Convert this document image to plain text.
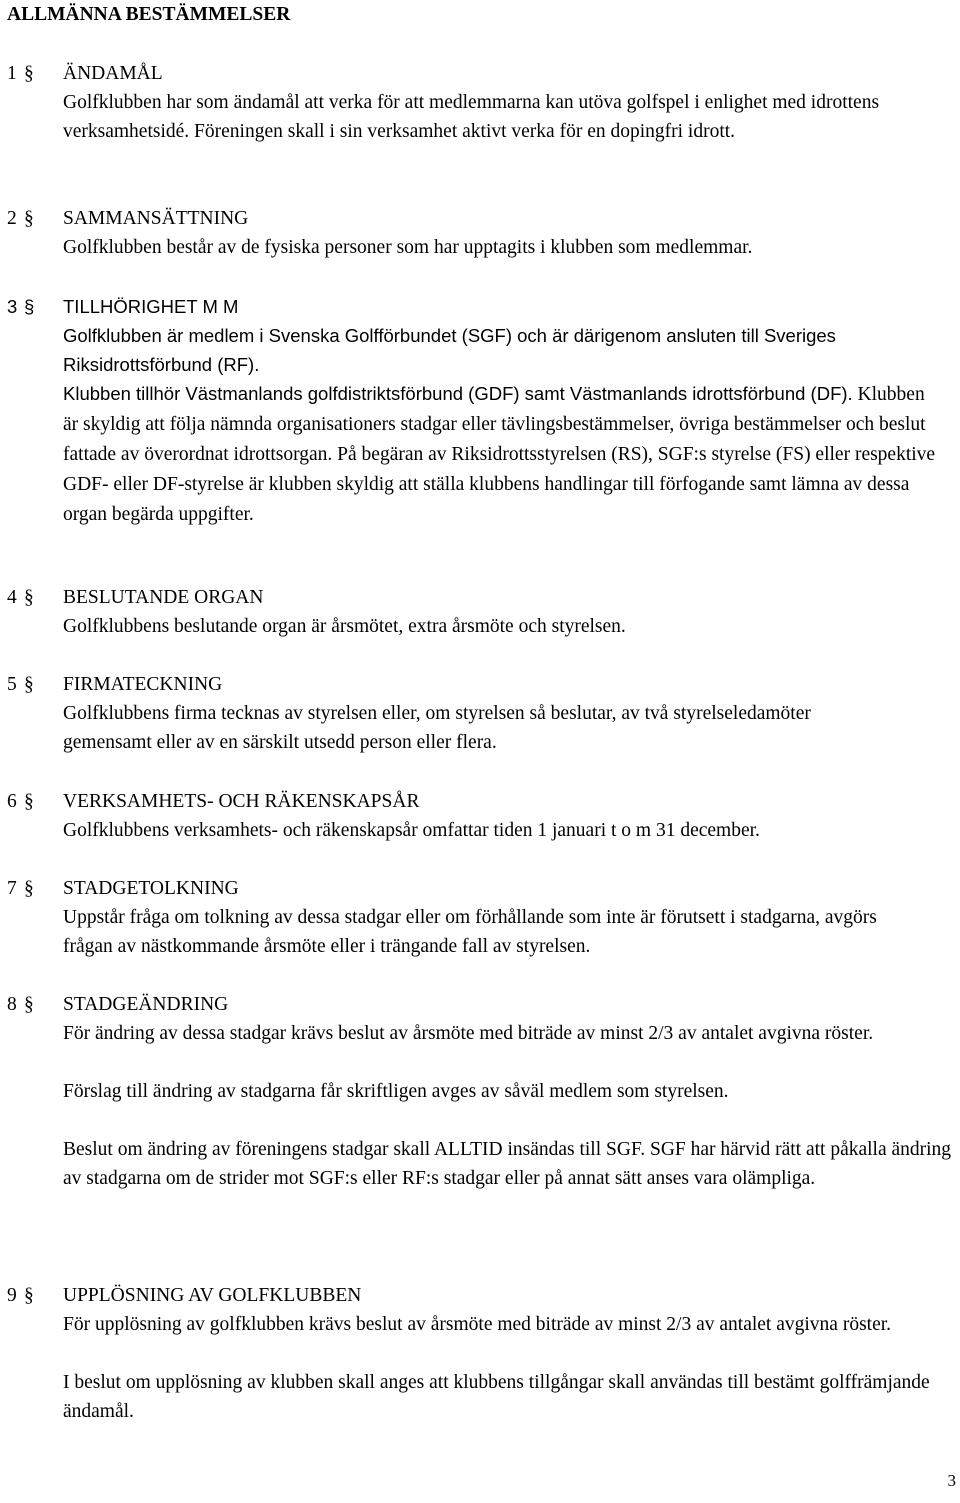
ALLMÄNNA BESTÄMMELSER
1 § ÄNDAMÅL

Golfklubben har som ändamål att verka för att medlemmarna kan utöva golfspel i enlighet med idrottens verksamhetsidé. Föreningen skall i sin verksamhet aktivt verka för en dopingfri idrott.

2 § SAMMANSÄTTNING

Golfklubben består av de fysiska personer som har upptagits i klubben som medlemmar.

3 § TILLHÖRIGHET M M

Golfklubben är medlem i Svenska Golfförbundet (SGF) och är därigenom ansluten till Sveriges Riksidrottsförbund (RF).

Klubben tillhör Västmanlands golfdistriktsförbund (GDF) samt Västmanlands idrottsförbund (DF). Klubben är skyldig att följa nämnda organisationers stadgar eller tävlingsbestämmelser, övriga bestämmelser och beslut fattade av överordnat idrottsorgan. På begäran av Riksidrottsstyrelsen (RS), SGF:s styrelse (FS) eller respektive GDF- eller DF-styrelse är klubben skyldig att ställa klubbens handlingar till förfogande samt lämna av dessa organ begärda uppgifter.

4 § BESLUTANDE ORGAN

Golfklubbens beslutande organ är årsmötet, extra årsmöte och styrelsen.

5 § FIRMATECKNING

Golfklubbens firma tecknas av styrelsen eller, om styrelsen så beslutar, av två styrelseledamöter gemensamt eller av en särskilt utsedd person eller flera.

6 § VERKSAMHETS- OCH RÄKENSKAPSÅR

Golfklubbens verksamhets- och räkenskapsår omfattar tiden 1 januari t o m 31 december.

7 § STADGETOLKNING

Uppstår fråga om tolkning av dessa stadgar eller om förhållande som inte är förutsett i stadgarna, avgörs frågan av nästkommande årsmöte eller i trängande fall av styrelsen.

8 § STADGEÄNDRING

För ändring av dessa stadgar krävs beslut av årsmöte med biträde av minst 2/3 av antalet avgivna röster.

Förslag till ändring av stadgarna får skriftligen avges av såväl medlem som styrelsen.

Beslut om ändring av föreningens stadgar skall ALLTID insändas till SGF. SGF har härvid rätt att påkalla ändring av stadgarna om de strider mot SGF:s eller RF:s stadgar eller på annat sätt anses vara olämpliga.

9 § UPPLÖSNING AV GOLFKLUBBEN

För upplösning av golfklubben krävs beslut av årsmöte med biträde av minst 2/3 av antalet avgivna röster.

I beslut om upplösning av klubben skall anges att klubbens tillgångar skall användas till bestämt golffrämjande ändamål.

3
